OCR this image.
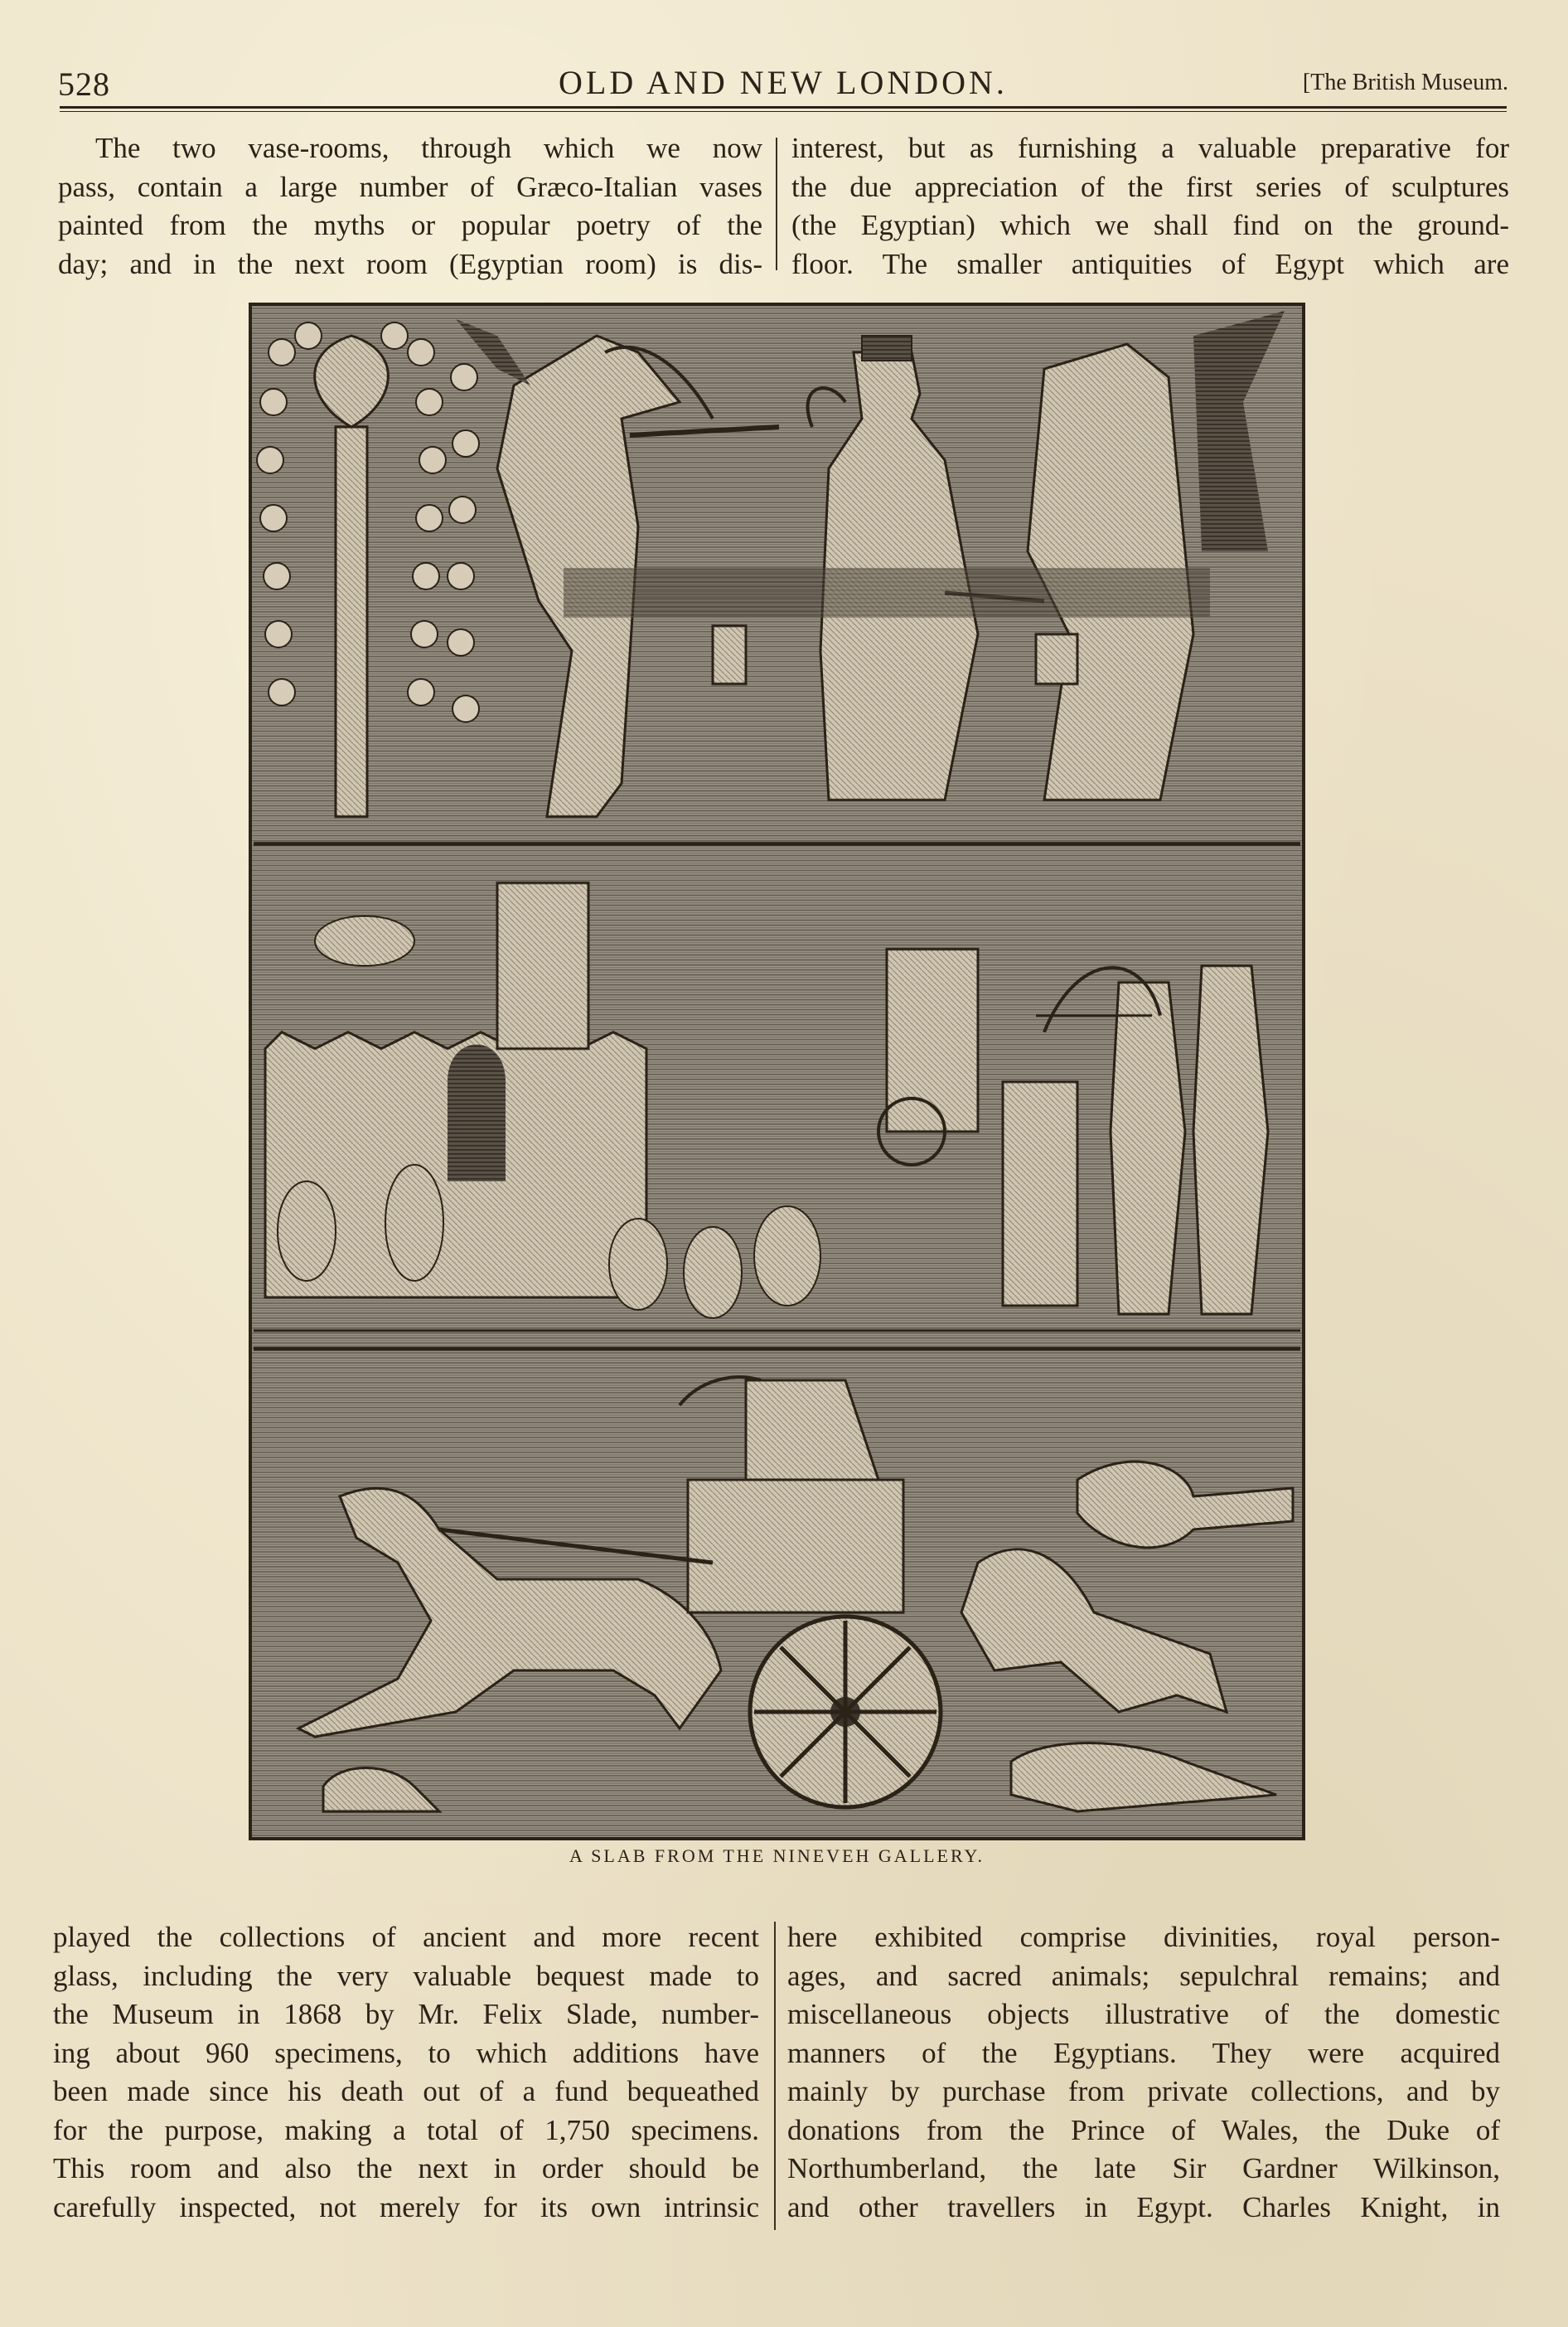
528	OLD AND NEW LONDON.	[The British Museum.
The two vase-rooms, through which we now
pass, contain a large number of Græco-Italian vases
painted from the myths or popular poetry of the
day; and in the next room (Egyptian room) is dis-
interest, but as furnishing a valuable preparative for
the due appreciation of the first series of sculptures
(the Egyptian) which we shall find on the ground-
floor. The smaller antiquities of Egypt which are
A SLAB FROM THE NINEVEH GALLERY.
played the collections of ancient and more recent
glass, including the very valuable bequest made to
the Museum in 1868 by Mr. Felix Slade, number-
ing about 960 specimens, to which additions have
been made since his death out of a fund bequeathed
for the purpose, making a total of 1,750 specimens.
This room and also the next in order should be
carefully inspected, not merely for its own intrinsic
here exhibited comprise divinities, royal person-
ages, and sacred animals; sepulchral remains; and
miscellaneous objects illustrative of the domestic
manners of the Egyptians. They were acquired
mainly by purchase from private collections, and by
donations from the Prince of Wales, the Duke of
Northumberland, the late Sir Gardner Wilkinson,
and other travellers in Egypt. Charles Knight, in
